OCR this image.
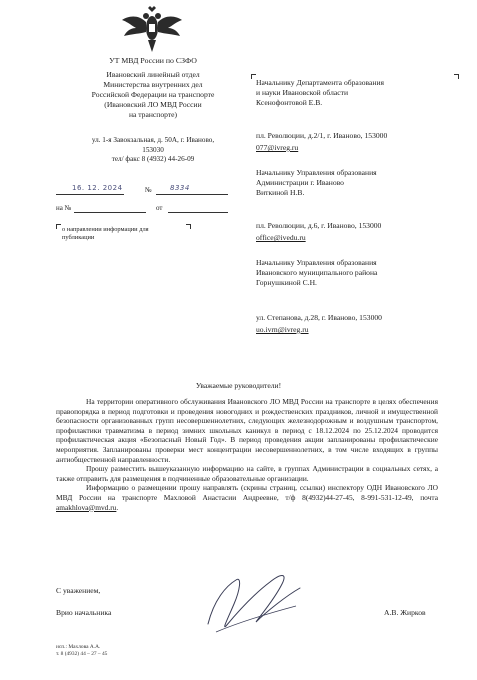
УТ МВД России по СЗФО
Ивановский линейный отдел
Министерства внутренних дел
Российской Федерации на транспорте
(Ивановский ЛО МВД России
на транспорте)
ул. 1-я Завокзальная, д. 50А, г. Иваново,
153030
тел/ факс 8 (4932) 44-26-09
16. 12. 2024	№	8334
на №	от
о направлении информации для
публикации
Начальнику Департамента образования
и науки Ивановской области
Ксенофонтовой Е.В.
пл. Революции, д.2/1, г. Иваново, 153000
077@ivreg.ru
Начальнику Управления образования
Администрации г. Иваново
Виткиной Н.В.
пл. Революции, д.6, г. Иваново, 153000
office@ivedu.ru
Начальнику Управления образования
Ивановского муниципального района
Горнушкиной С.Н.
ул. Степанова, д.28, г. Иваново, 153000
uo.ivrn@ivreg.ru
Уважаемые руководители!

На территории оперативного обслуживания Ивановского ЛО МВД России на транспорте в целях обеспечения правопорядка в период подготовки и проведения новогодних и рождественских праздников, личной и имущественной безопасности организованных групп несовершеннолетних, следующих железнодорожным и воздушным транспортом, профилактики травматизма в период зимних школьных каникул в период с 18.12.2024 по 25.12.2024 проводится профилактическая акция «Безопасный Новый Год». В период проведения акции запланированы профилактические мероприятия. Запланированы проверки мест концентрации несовершеннолетних, в том числе входящих в группы антиобщественной направленности.

Прошу разместить вышеуказанную информацию на сайте, в группах Администрации в социальных сетях, а также отправить для размещения в подчиненные образовательные организации.

Информацию о размещении прошу направлять (скрины страниц, ссылки) инспектору ОДН Ивановского ЛО МВД России на транспорте Махловой Анастасии Андреевне, т/ф 8(4932)44-27-45, 8-991-531-12-49, почта amakhlova@mvd.ru.

С уважением,
Врио начальника	А.В. Жирков
исп.: Махлова А.А.
т. 8 (4932) 44 – 27 – 45
